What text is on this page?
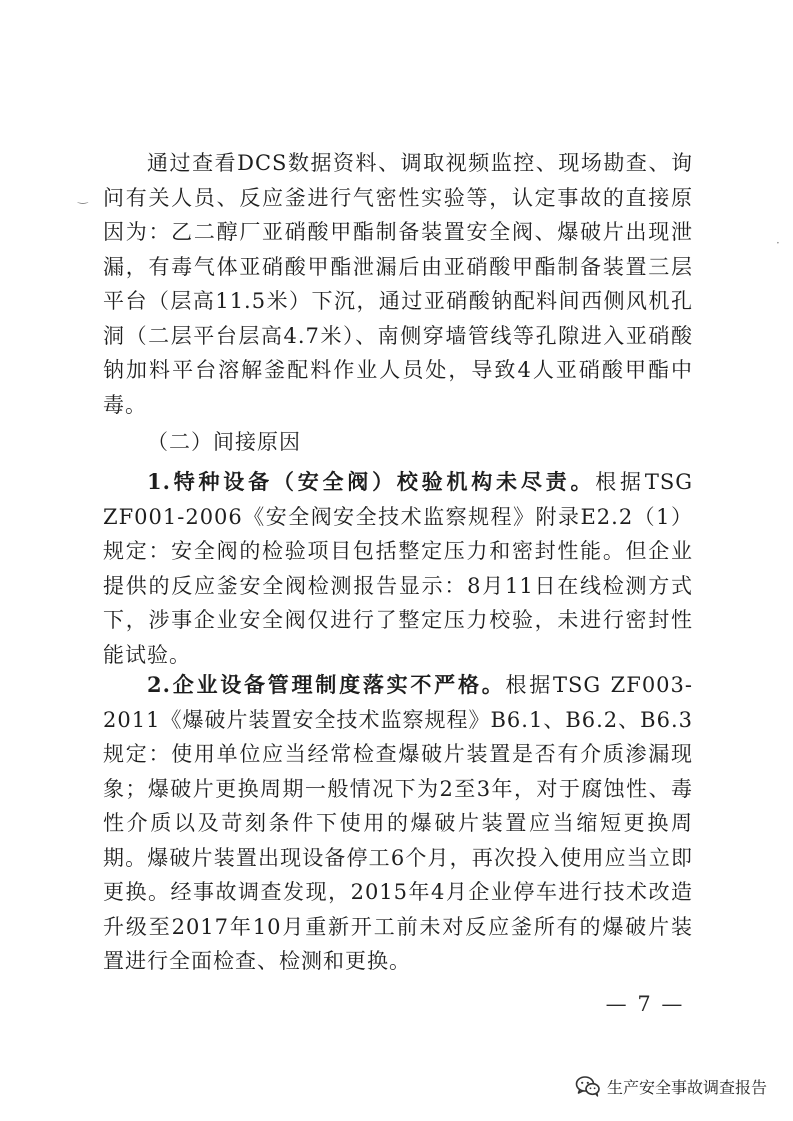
通过查看DCS数据资料、调取视频监控、现场勘查、询问有关人员、反应釜进行气密性实验等，认定事故的直接原因为：乙二醇厂亚硝酸甲酯制备装置安全阀、爆破片出现泄漏，有毒气体亚硝酸甲酯泄漏后由亚硝酸甲酯制备装置三层平台（层高11.5米）下沉，通过亚硝酸钠配料间西侧风机孔洞（二层平台层高4.7米）、南侧穿墙管线等孔隙进入亚硝酸钠加料平台溶解釜配料作业人员处，导致4人亚硝酸甲酯中毒。

（二）间接原因

1.特种设备（安全阀）校验机构未尽责。根据TSG ZF001-2006《安全阀安全技术监察规程》附录E2.2（1）规定：安全阀的检验项目包括整定压力和密封性能。但企业提供的反应釜安全阀检测报告显示：8月11日在线检测方式下，涉事企业安全阀仅进行了整定压力校验，未进行密封性能试验。

2.企业设备管理制度落实不严格。根据TSG ZF003-2011《爆破片装置安全技术监察规程》B6.1、B6.2、B6.3规定：使用单位应当经常检查爆破片装置是否有介质渗漏现象；爆破片更换周期一般情况下为2至3年，对于腐蚀性、毒性介质以及苛刻条件下使用的爆破片装置应当缩短更换周期。爆破片装置出现设备停工6个月，再次投入使用应当立即更换。经事故调查发现，2015年4月企业停车进行技术改造升级至2017年10月重新开工前未对反应釜所有的爆破片装置进行全面检查、检测和更换。

— 7 —
‿
·
生产安全事故调查报告
